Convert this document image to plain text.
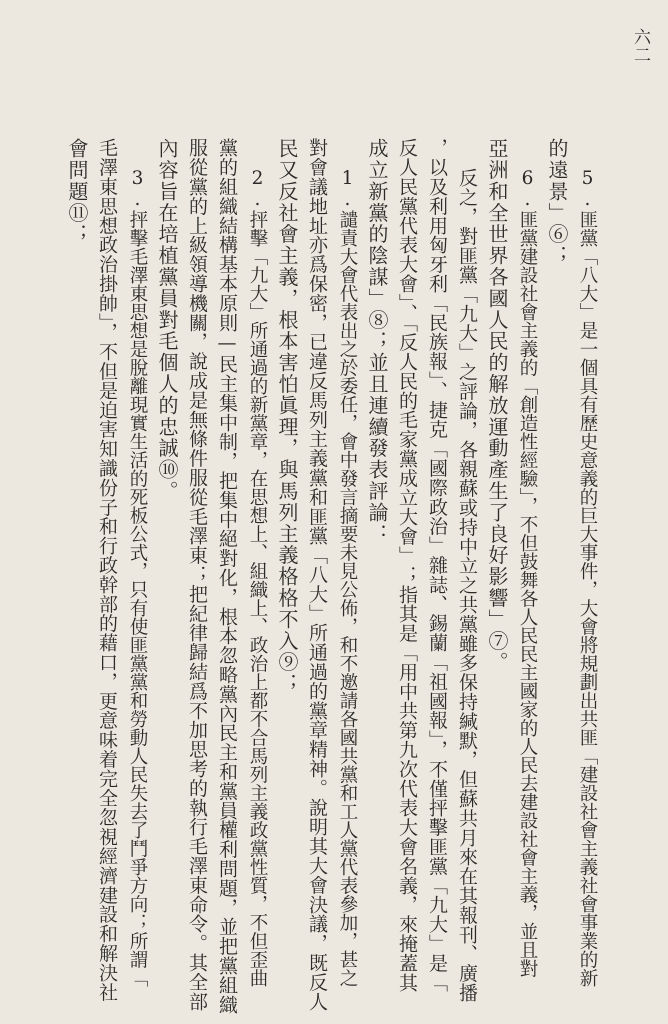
六二
5.匪黨「八大」是一個具有歷史意義的巨大事件，大會將規劃出共匪「建設社會主義社會事業的新
的遠景」⑥；
6.匪黨建設社會主義的「創造性經驗」，不但鼓舞各人民民主國家的人民去建設社會主義，並且對
亞洲和全世界各國人民的解放運動產生了良好影響」⑦。
反之，對匪黨「九大」之評論，各親蘇或持中立之共黨雖多保持緘默，但蘇共月來在其報刊、廣播
，以及利用匈牙利「民族報」、捷克「國際政治」雜誌、錫蘭「祖國報」，不僅抨擊匪黨「九大」是「
反人民黨代表大會」、「反人民的毛家黨成立大會」；指其是「用中共第九次代表大會名義，來掩蓋其
成立新黨的陰謀」⑧；並且連續發表評論：
1.譴責大會代表出之於委任，會中發言摘要未見公佈，和不邀請各國共黨和工人黨代表參加，甚之
對會議地址亦爲保密，已違反馬列主義黨和匪黨「八大」所通過的黨章精神。說明其大會決議，既反人
民又反社會主義，根本害怕眞理，與馬列主義格格不入⑨；
2.抨擊「九大」所通過的新黨章，在思想上、組織上、政治上都不合馬列主義政黨性質，不但歪曲
黨的組織結構基本原則—民主集中制，把集中絕對化，根本忽略黨內民主和黨員權利問題，並把黨組織
服從黨的上級領導機關，說成是無條件服從毛澤東；把紀律歸結爲不加思考的執行毛澤東命令。其全部
內容旨在培植黨員對毛個人的忠誠⑩。
3.抨擊毛澤東思想是脫離現實生活的死板公式，只有使匪黨黨和勞動人民失去了鬥爭方向；所謂「
毛澤東思想政治掛帥」，不但是迫害知識份子和行政幹部的藉口，更意味着完全忽視經濟建設和解決社
會問題⑪；
